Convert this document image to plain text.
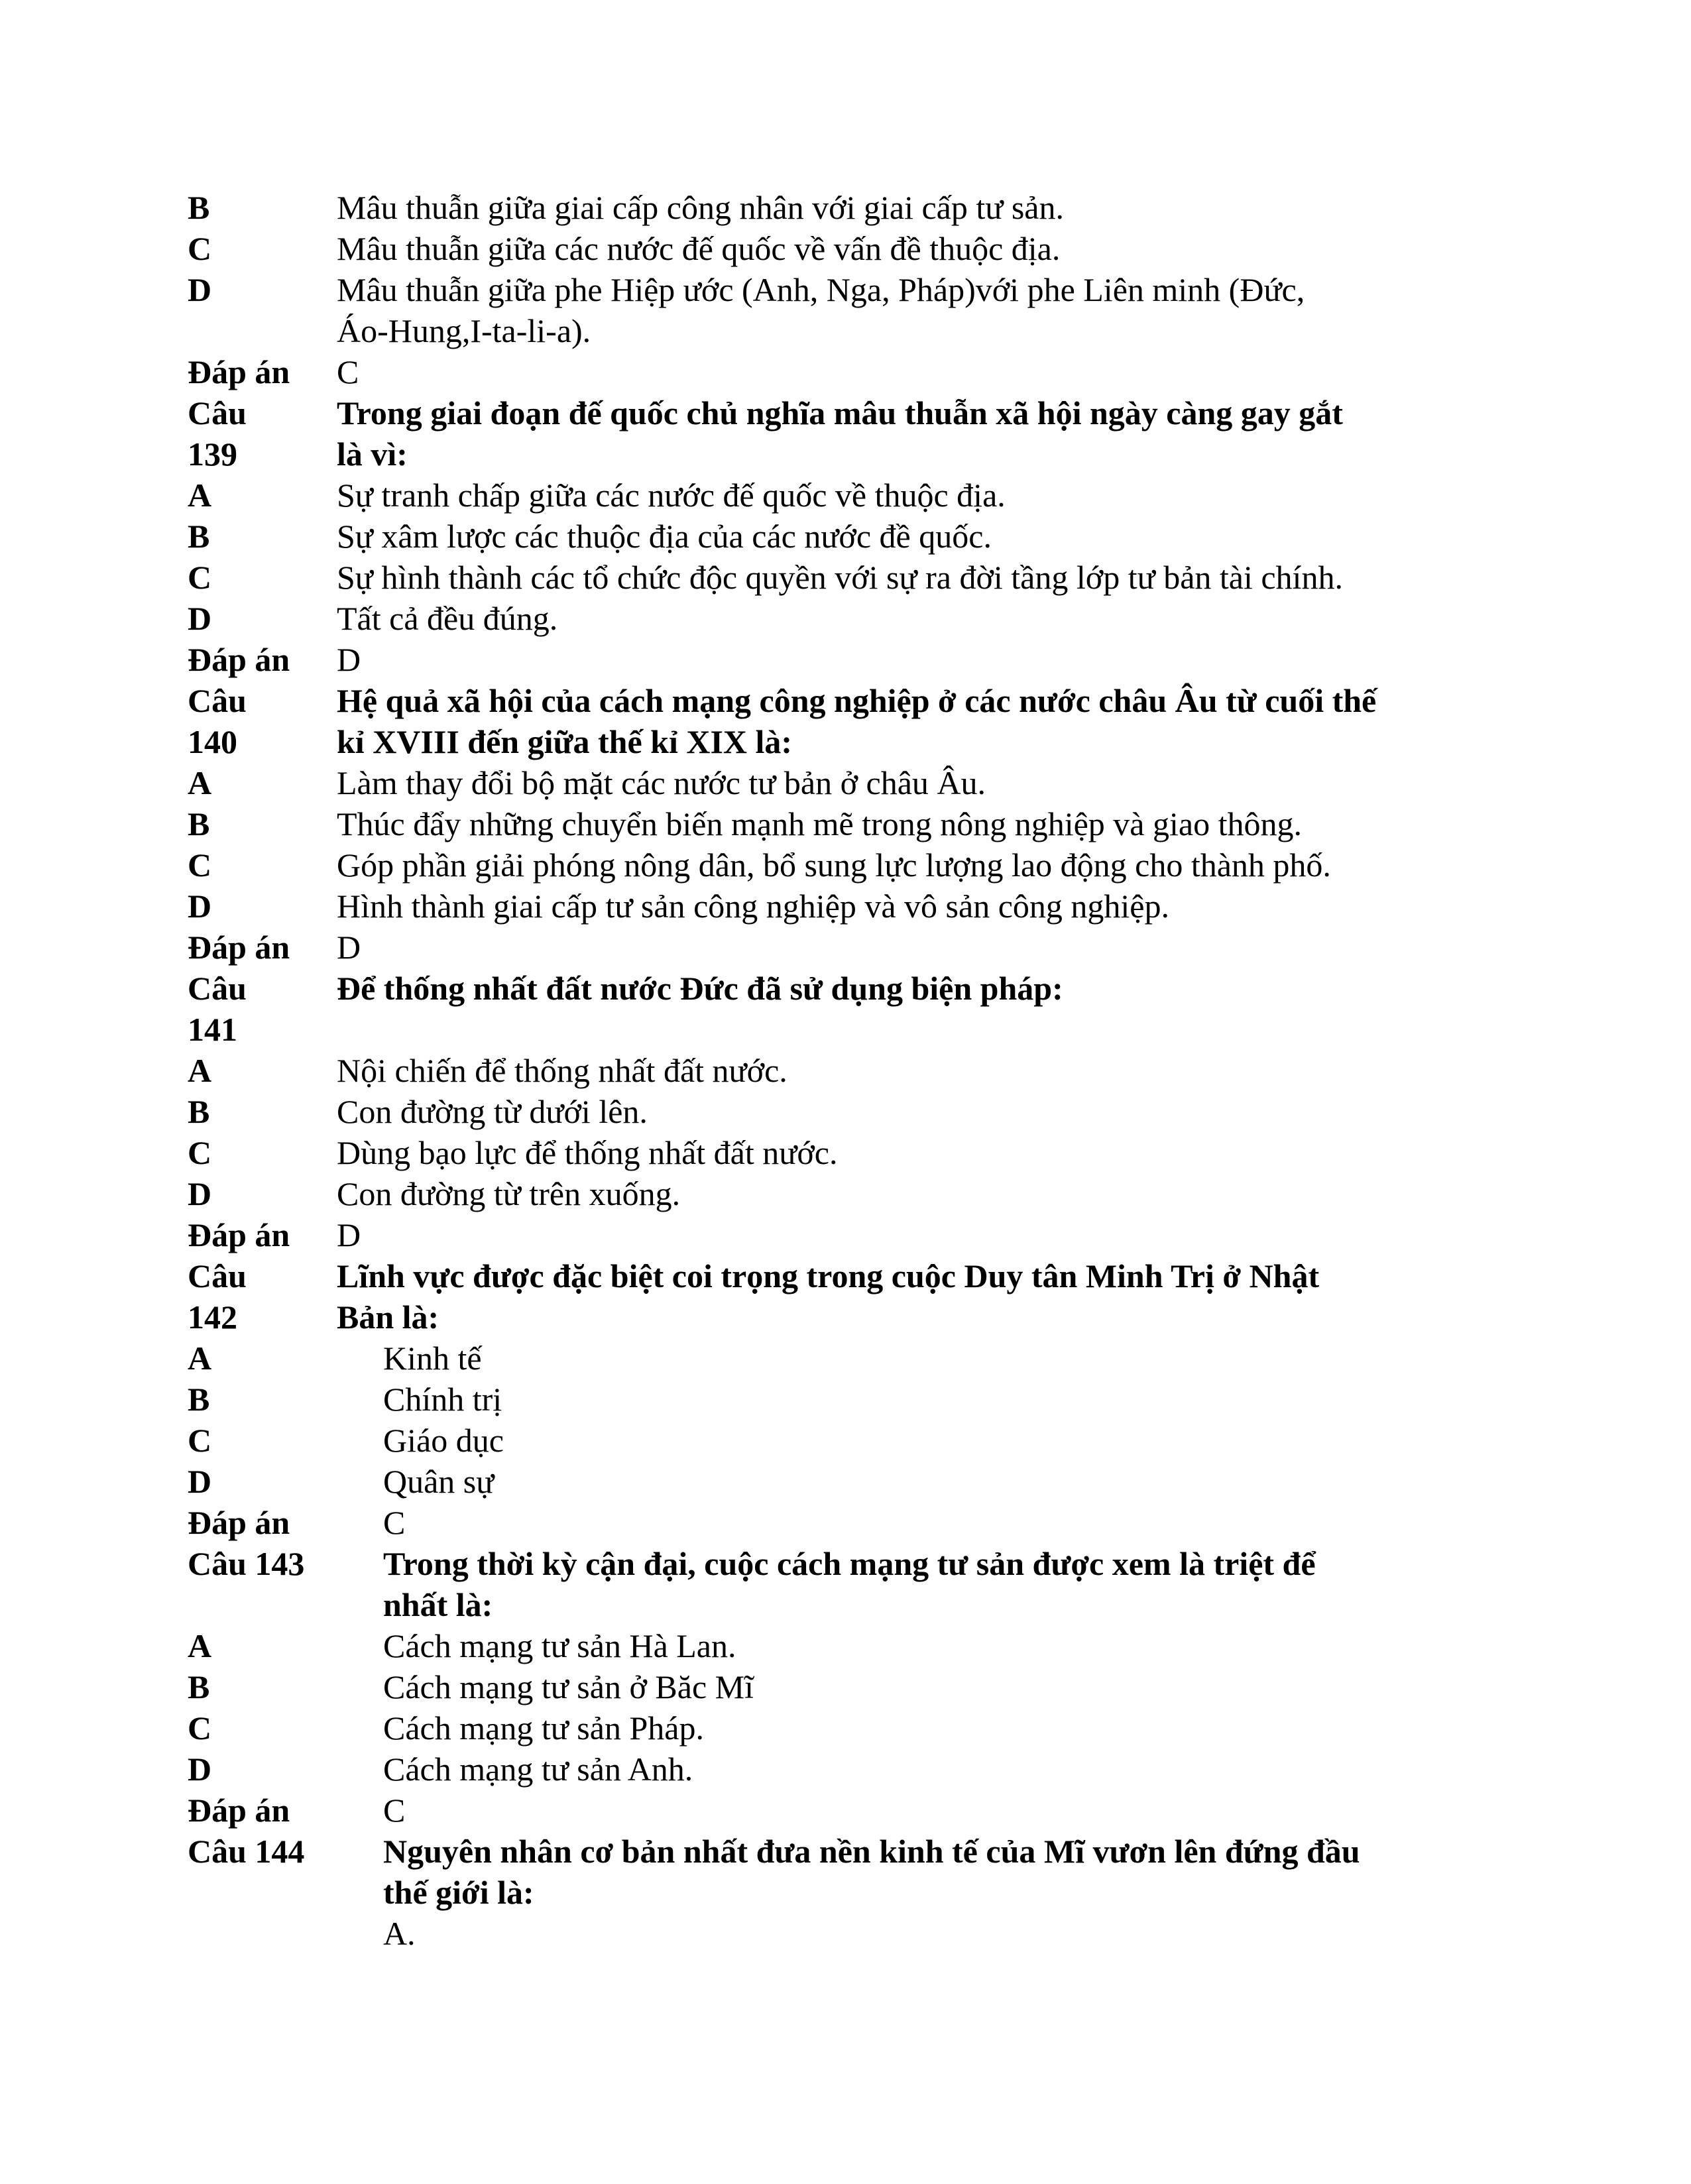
B	Mâu thuẫn giữa giai cấp công nhân với giai cấp tư sản.
C	Mâu thuẫn giữa các nước đế quốc về vấn đề thuộc địa.
D	Mâu thuẫn giữa phe Hiệp ước (Anh, Nga, Pháp)với phe Liên minh (Đức,
Áo-Hung,I-ta-li-a).
Đáp án C
Câu	Trong giai đoạn đế quốc chủ nghĩa mâu thuẫn xã hội ngày càng gay gắt
139	là vì:
A	Sự tranh chấp giữa các nước đế quốc về thuộc địa.
B	Sự xâm lược các thuộc địa của các nước đề quốc.
C	Sự hình thành các tổ chức độc quyền với sự ra đời tầng lớp tư bản tài chính.
D	Tất cả đều đúng.
Đáp án D
Câu	Hệ quả xã hội của cách mạng công nghiệp ở các nước châu Âu từ cuối thế
140	kỉ XVIII đến giữa thế kỉ XIX là:
A	Làm thay đổi bộ mặt các nước tư bản ở châu Âu.
B	Thúc đẩy những chuyển biến mạnh mẽ trong nông nghiệp và giao thông.
C	Góp phần giải phóng nông dân, bổ sung lực lượng lao động cho thành phố.
D	Hình thành giai cấp tư sản công nghiệp và vô sản công nghiệp.
Đáp án D
Câu	Để thống nhất đất nước Đức đã sử dụng biện pháp:
141
A	Nội chiến để thống nhất đất nước.
B	Con đường từ dưới lên.
C	Dùng bạo lực để thống nhất đất nước.
D	Con đường từ trên xuống.
Đáp án D
Câu	Lĩnh vực được đặc biệt coi trọng trong cuộc Duy tân Minh Trị ở Nhật
142	Bản là:
A	Kinh tế
B	Chính trị
C	Giáo dục
D	Quân sự
Đáp án	C
Câu 143 Trong thời kỳ cận đại, cuộc cách mạng tư sản được xem là triệt để
nhất là:
A	Cách mạng tư sản Hà Lan.
B	Cách mạng tư sản ở Băc Mĩ
C	Cách mạng tư sản Pháp.
D	Cách mạng tư sản Anh.
Đáp án	C
Câu 144 Nguyên nhân cơ bản nhất đưa nền kinh tế của Mĩ vươn lên đứng đầu
thế giới là:
A.
